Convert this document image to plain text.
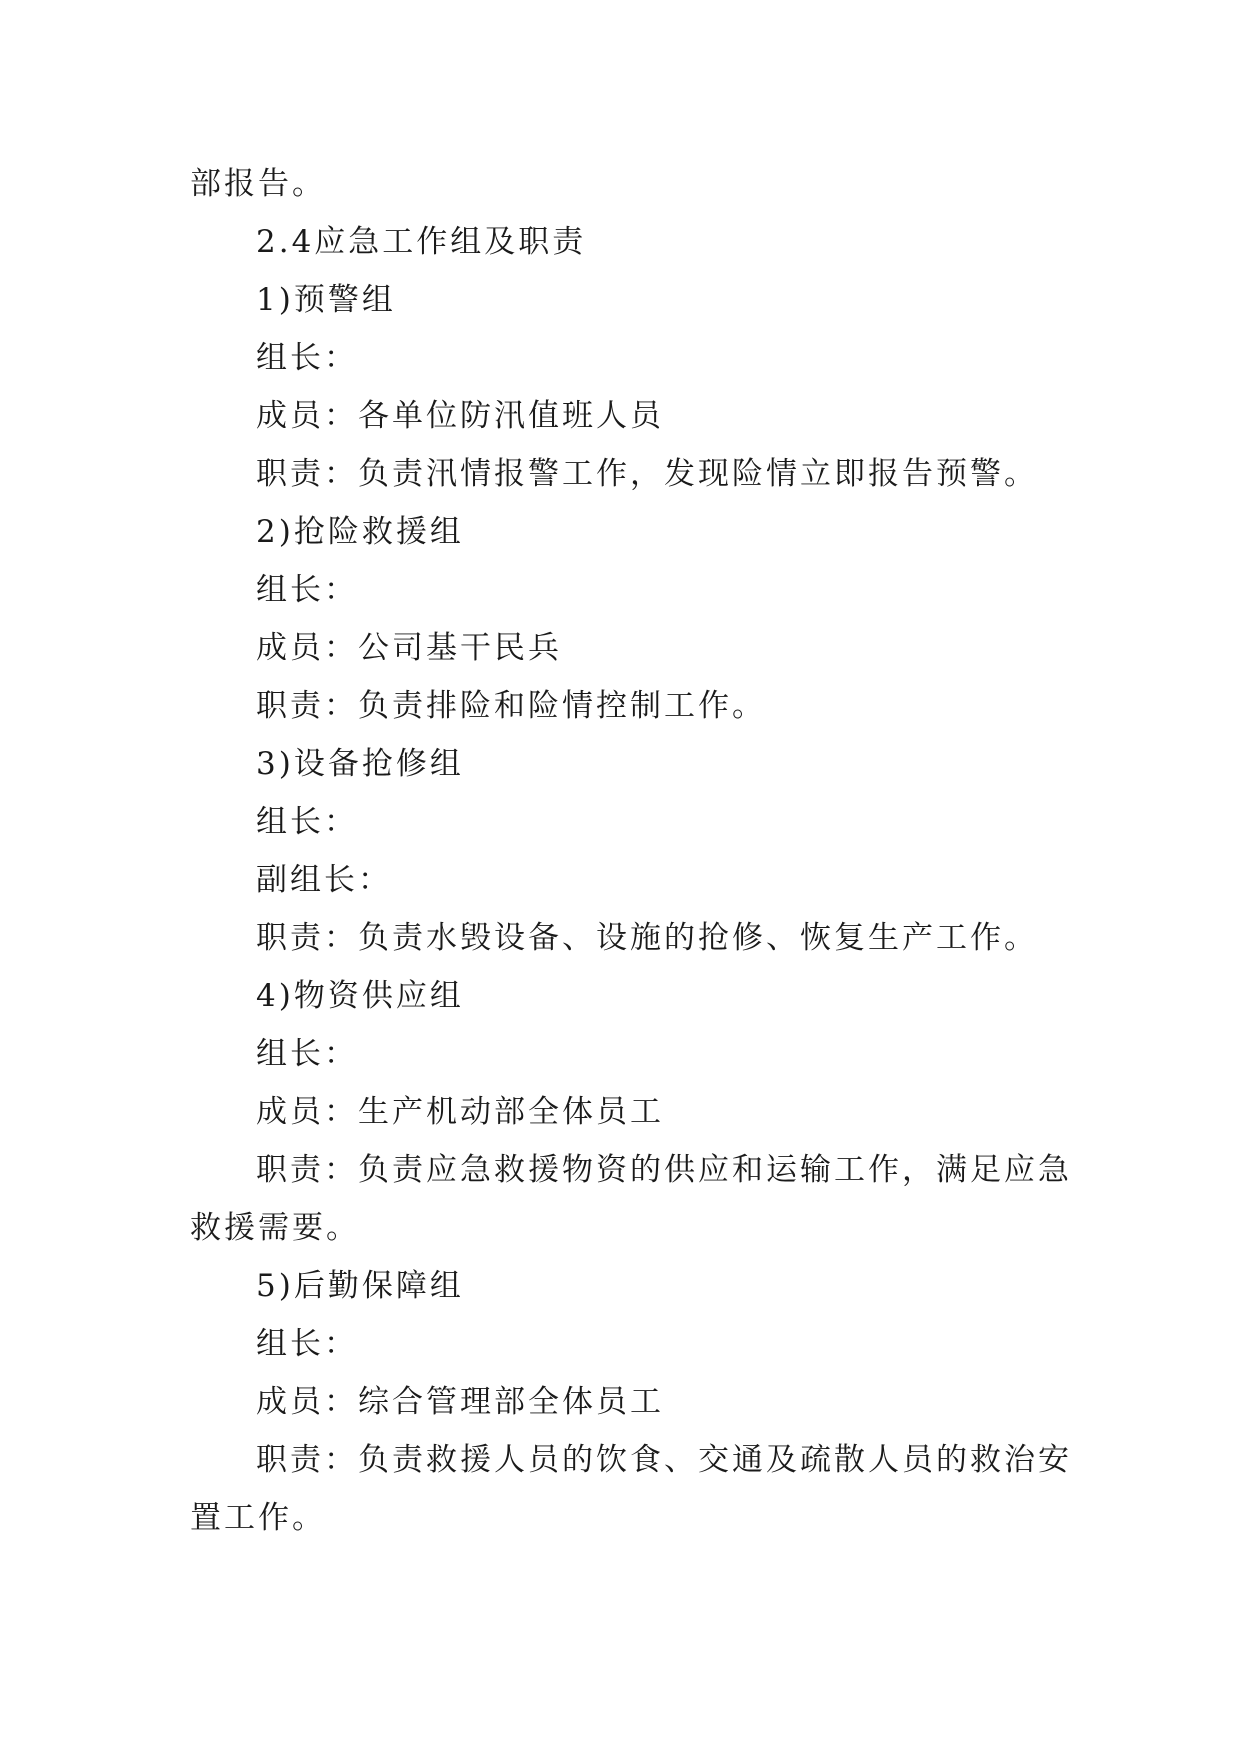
部报告。
2.4应急工作组及职责
1)预警组
组长：
成员：各单位防汛值班人员
职责：负责汛情报警工作，发现险情立即报告预警。
2)抢险救援组
组长：
成员：公司基干民兵
职责：负责排险和险情控制工作。
3)设备抢修组
组长：
副组长：
职责：负责水毁设备、设施的抢修、恢复生产工作。
4)物资供应组
组长：
成员：生产机动部全体员工
职责：负责应急救援物资的供应和运输工作，满足应急
救援需要。
5)后勤保障组
组长：
成员：综合管理部全体员工
职责：负责救援人员的饮食、交通及疏散人员的救治安
置工作。
